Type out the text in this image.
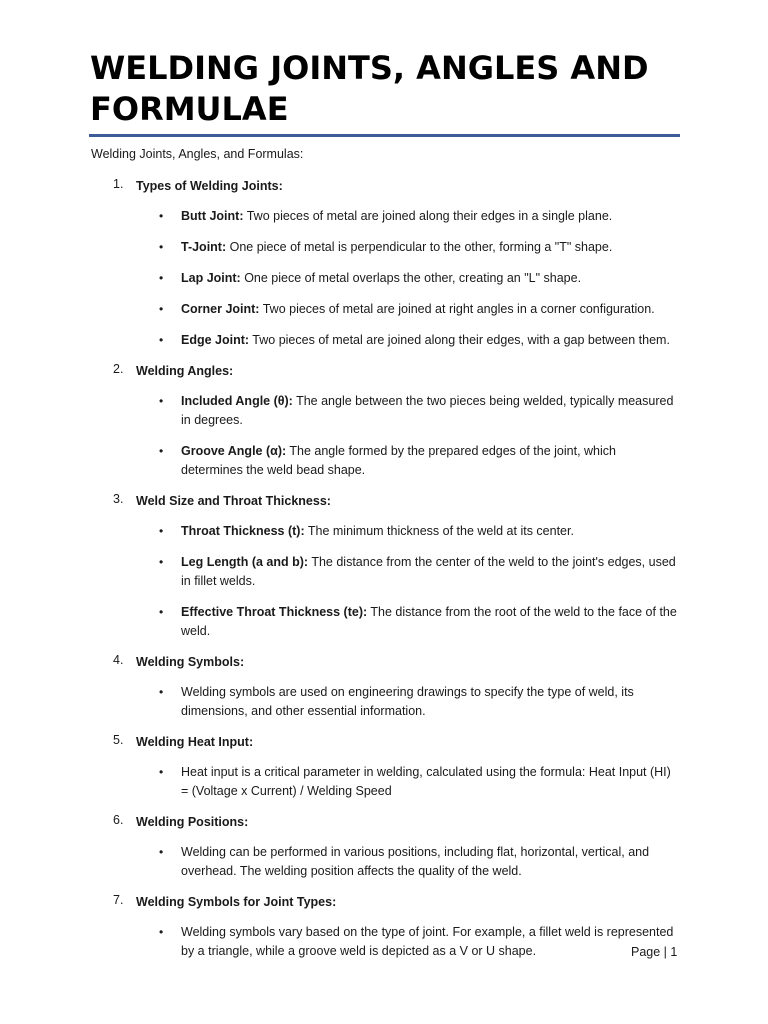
WELDING JOINTS, ANGLES AND
FORMULAE
Welding Joints, Angles, and Formulas:
1. Types of Welding Joints:
• Butt Joint: Two pieces of metal are joined along their edges in a single plane.
• T-Joint: One piece of metal is perpendicular to the other, forming a "T" shape.
• Lap Joint: One piece of metal overlaps the other, creating an "L" shape.
• Corner Joint: Two pieces of metal are joined at right angles in a corner configuration.
• Edge Joint: Two pieces of metal are joined along their edges, with a gap between them.
2. Welding Angles:
• Included Angle (θ): The angle between the two pieces being welded, typically measured in degrees.
• Groove Angle (α): The angle formed by the prepared edges of the joint, which determines the weld bead shape.
3. Weld Size and Throat Thickness:
• Throat Thickness (t): The minimum thickness of the weld at its center.
• Leg Length (a and b): The distance from the center of the weld to the joint's edges, used in fillet welds.
• Effective Throat Thickness (te): The distance from the root of the weld to the face of the weld.
4. Welding Symbols:
• Welding symbols are used on engineering drawings to specify the type of weld, its dimensions, and other essential information.
5. Welding Heat Input:
• Heat input is a critical parameter in welding, calculated using the formula: Heat Input (HI) = (Voltage x Current) / Welding Speed
6. Welding Positions:
• Welding can be performed in various positions, including flat, horizontal, vertical, and overhead. The welding position affects the quality of the weld.
7. Welding Symbols for Joint Types:
• Welding symbols vary based on the type of joint. For example, a fillet weld is represented by a triangle, while a groove weld is depicted as a V or U shape.	Page | 1
